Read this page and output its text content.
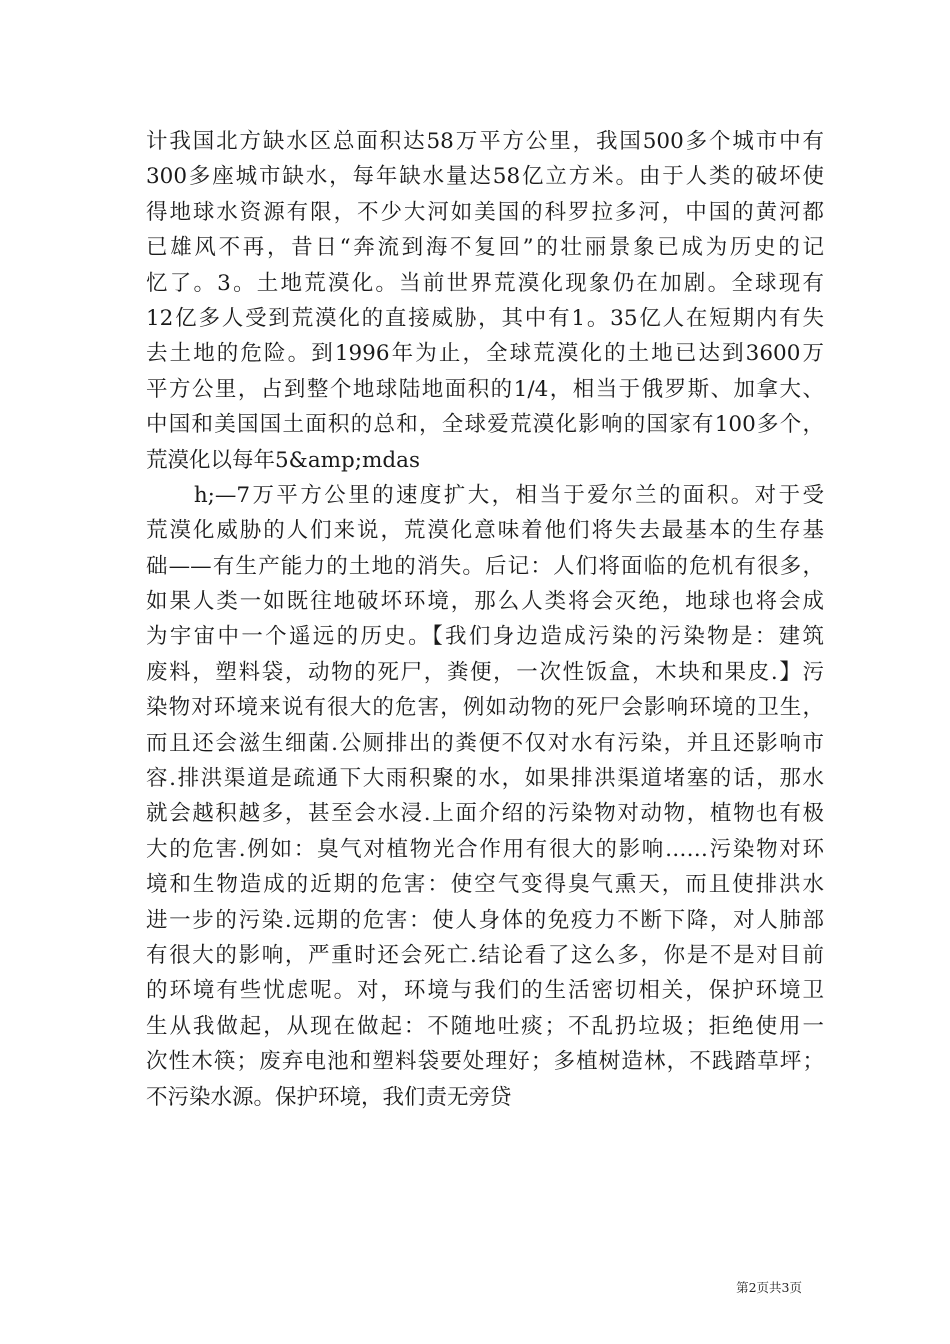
计我国北方缺水区总面积达58万平方公里，我国500多个城市中有
300多座城市缺水，每年缺水量达58亿立方米。由于人类的破坏使
得地球水资源有限，不少大河如美国的科罗拉多河，中国的黄河都
已雄风不再，昔日“奔流到海不复回”的壮丽景象已成为历史的记
忆了。3。土地荒漠化。当前世界荒漠化现象仍在加剧。全球现有
12亿多人受到荒漠化的直接威胁，其中有1。35亿人在短期内有失
去土地的危险。到1996年为止，全球荒漠化的土地已达到3600万
平方公里，占到整个地球陆地面积的1/4，相当于俄罗斯、加拿大、
中国和美国国土面积的总和，全球爱荒漠化影响的国家有100多个，
荒漠化以每年5&amp;mdas
　　h;—7万平方公里的速度扩大，相当于爱尔兰的面积。对于受
荒漠化威胁的人们来说，荒漠化意味着他们将失去最基本的生存基
础——有生产能力的土地的消失。后记：人们将面临的危机有很多，
如果人类一如既往地破坏环境，那么人类将会灭绝，地球也将会成
为宇宙中一个遥远的历史。【我们身边造成污染的污染物是：建筑
废料，塑料袋，动物的死尸，粪便，一次性饭盒，木块和果皮.】污
染物对环境来说有很大的危害，例如动物的死尸会影响环境的卫生，
而且还会滋生细菌.公厕排出的粪便不仅对水有污染，并且还影响市
容.排洪渠道是疏通下大雨积聚的水，如果排洪渠道堵塞的话，那水
就会越积越多，甚至会水浸.上面介绍的污染物对动物，植物也有极
大的危害.例如：臭气对植物光合作用有很大的影响……污染物对环
境和生物造成的近期的危害：使空气变得臭气熏天，而且使排洪水
进一步的污染.远期的危害：使人身体的免疫力不断下降，对人肺部
有很大的影响，严重时还会死亡.结论看了这么多，你是不是对目前
的环境有些忧虑呢。对，环境与我们的生活密切相关，保护环境卫
生从我做起，从现在做起：不随地吐痰；不乱扔垃圾；拒绝使用一
次性木筷；废弃电池和塑料袋要处理好；多植树造林，不践踏草坪；
不污染水源。保护环境，我们责无旁贷
第2页共3页
